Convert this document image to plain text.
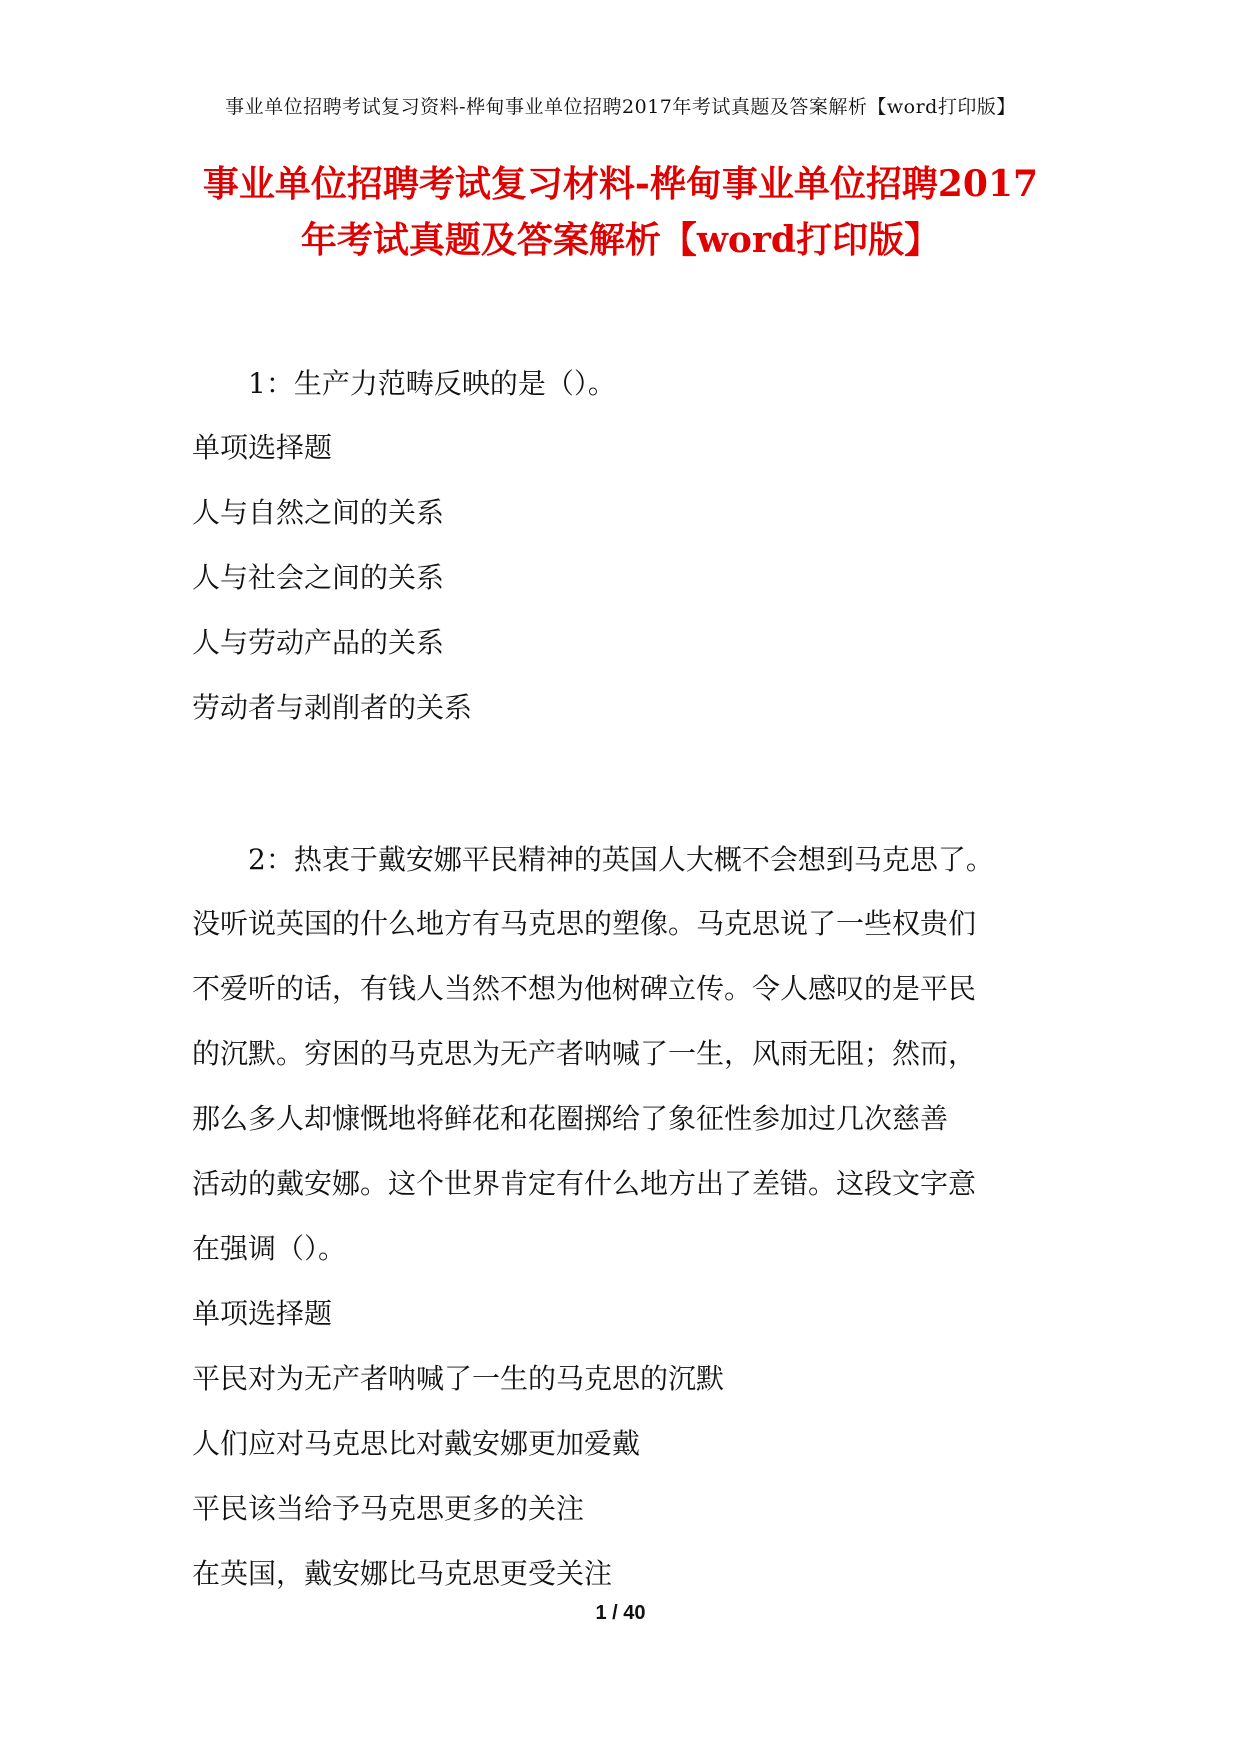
事业单位招聘考试复习资料-桦甸事业单位招聘2017年考试真题及答案解析【word打印版】
事业单位招聘考试复习材料-桦甸事业单位招聘2017
年考试真题及答案解析【word打印版】
1：生产力范畴反映的是（）。
单项选择题
人与自然之间的关系
人与社会之间的关系
人与劳动产品的关系
劳动者与剥削者的关系
2：热衷于戴安娜平民精神的英国人大概不会想到马克思了。
没听说英国的什么地方有马克思的塑像。马克思说了一些权贵们
不爱听的话，有钱人当然不想为他树碑立传。令人感叹的是平民
的沉默。穷困的马克思为无产者呐喊了一生，风雨无阻；然而，
那么多人却慷慨地将鲜花和花圈掷给了象征性参加过几次慈善
活动的戴安娜。这个世界肯定有什么地方出了差错。这段文字意
在强调（）。
单项选择题
平民对为无产者呐喊了一生的马克思的沉默
人们应对马克思比对戴安娜更加爱戴
平民该当给予马克思更多的关注
在英国，戴安娜比马克思更受关注
1 / 40
